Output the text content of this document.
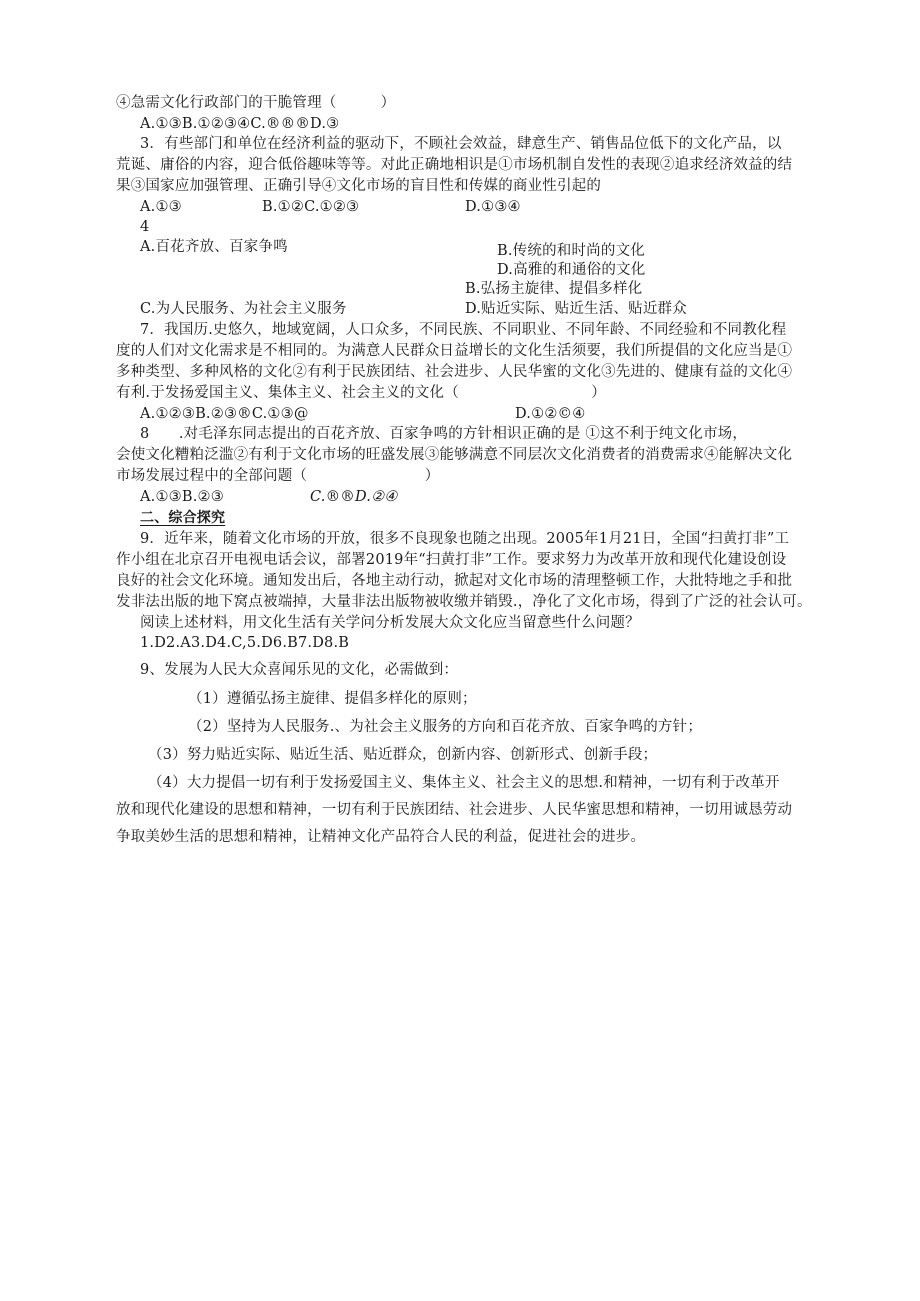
④急需文化行政部门的干脆管理（　　　）
A.①③B.①②③④C.®®®D.③
3．有些部门和单位在经济利益的驱动下，不顾社会效益，肆意生产、销售品位低下的文化产品，以
荒诞、庸俗的内容，迎合低俗趣味等等。对此正确地相识是①市场机制自发性的表现②追求经济效益的结
果③国家应加强管理、正确引导④文化市场的盲目性和传媒的商业性引起的
A.①③	B.①②C.①②③	D.①③④
4
A.百花齐放、百家争鸣	B.传统的和时尚的文化
D.高雅的和通俗的文化
B.弘扬主旋律、提倡多样化
C.为人民服务、为社会主义服务	D.贴近实际、贴近生活、贴近群众
7．我国历.史悠久，地域宽阔，人口众多，不同民族、不同职业、不同年龄、不同经验和不同教化程
度的人们对文化需求是不相同的。为满意人民群众日益增长的文化生活须要，我们所提倡的文化应当是①
多种类型、多种风格的文化②有利于民族团结、社会进步、人民华蜜的文化③先进的、健康有益的文化④
有利.于发扬爱国主义、集体主义、社会主义的文化（　　　　　　　　　）
A.①②③B.②③®C.①③@	D.①②©④
8　　.对毛泽东同志提出的百花齐放、百家争鸣的方针相识正确的是 ①这不利于纯文化市场，
会使文化糟粕泛滥②有利于文化市场的旺盛发展③能够满意不同层次文化消费者的消费需求④能解决文化
市场发展过程中的全部问题（　　　　　　　　）
A.①③B.②③	C.®®D.②④
二、综合探究
9．近年来，随着文化市场的开放，很多不良现象也随之出现。2005年1月21日，全国“扫黄打非”工
作小组在北京召开电视电话会议，部署2019年“扫黄打非”工作。要求努力为改革开放和现代化建设创设
良好的社会文化环境。通知发出后，各地主动行动，掀起对文化市场的清理整顿工作，大批特地之手和批
发非法出版的地下窝点被端掉，大量非法出版物被收缴并销毁.，净化了文化市场，得到了广泛的社会认可。
阅读上述材料，用文化生活有关学问分析发展大众文化应当留意些什么问题？
1.D2.A3.D4.C,5.D6.B7.D8.B
9、发展为人民大众喜闻乐见的文化，必需做到：
（1）遵循弘扬主旋律、提倡多样化的原则；
（2）坚持为人民服务.、为社会主义服务的方向和百花齐放、百家争鸣的方针；
（3）努力贴近实际、贴近生活、贴近群众，创新内容、创新形式、创新手段；
（4）大力提倡一切有利于发扬爱国主义、集体主义、社会主义的思想.和精神，一切有利于改革开
放和现代化建设的思想和精神，一切有利于民族团结、社会进步、人民华蜜思想和精神，一切用诚恳劳动
争取美妙生活的思想和精神，让精神文化产品符合人民的利益，促进社会的进步。
